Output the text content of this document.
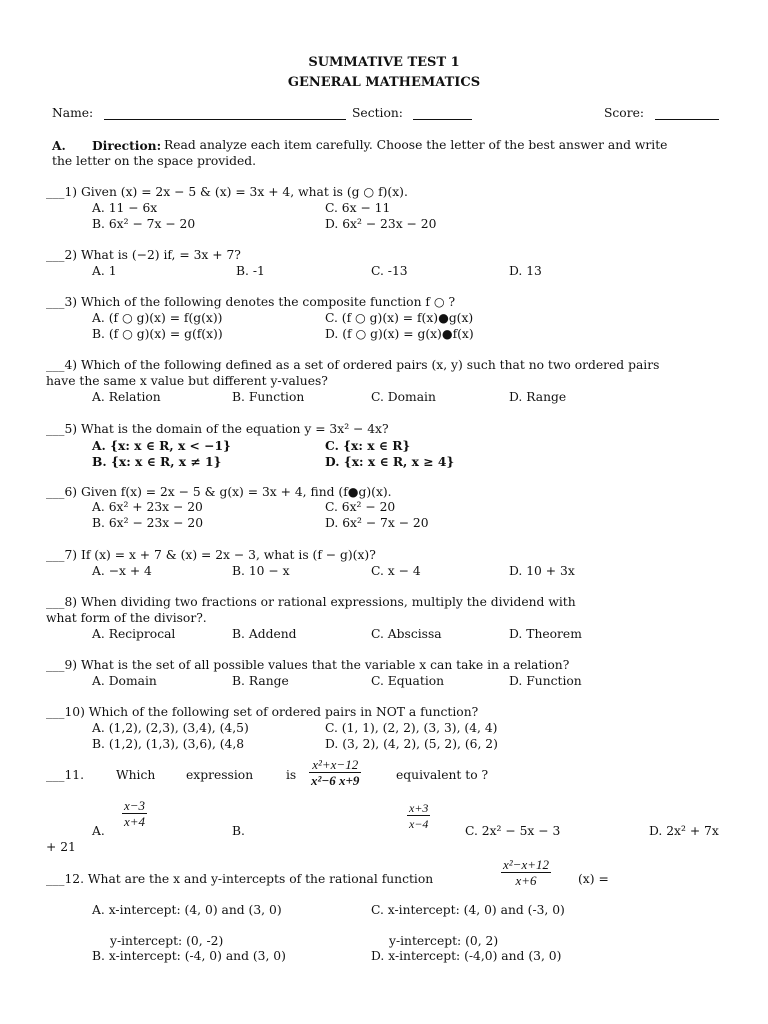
SUMMATIVE TEST 1
GENERAL MATHEMATICS
Name:	Section:	Score:
A. Direction: Read analyze each item carefully. Choose the letter of the best answer and write
the letter on the space provided.
___1) Given (x) = 2x − 5 & (x) = 3x + 4, what is (g ○ f)(x).
A. 11 − 6x	C. 6x − 11
B. 6x² − 7x − 20	D. 6x² − 23x − 20
___2) What is (−2) if, = 3x + 7?
A. 1	B. -1	C. -13	D. 13
___3) Which of the following denotes the composite function f ○ ?
A. (f ○ g)(x) = f(g(x))	C. (f ○ g)(x) = f(x)●g(x)
B. (f ○ g)(x) = g(f(x))	D. (f ○ g)(x) = g(x)●f(x)
___4) Which of the following defined as a set of ordered pairs (x, y) such that no two ordered pairs
have the same x value but different y-values?
A. Relation	B. Function	C. Domain	D. Range
___5) What is the domain of the equation y = 3x² − 4x?
A. {x: x ∈ R, x < −1}	C. {x: x ∈ R}
B. {x: x ∈ R, x ≠ 1}	D. {x: x ∈ R, x ≥ 4}
___6) Given f(x) = 2x − 5 & g(x) = 3x + 4, find (f●g)(x).
A. 6x² + 23x − 20	C. 6x² − 20
B. 6x² − 23x − 20	D. 6x² − 7x − 20
___7) If (x) = x + 7 & (x) = 2x − 3, what is (f − g)(x)?
A. −x + 4	B. 10 − x	C. x − 4	D. 10 + 3x
___8) When dividing two fractions or rational expressions, multiply the dividend with
what form of the divisor?.
A. Reciprocal	B. Addend	C. Abscissa	D. Theorem
___9) What is the set of all possible values that the variable x can take in a relation?
A. Domain	B. Range	C. Equation	D. Function
___10) Which of the following set of ordered pairs in NOT a function?
A. (1,2), (2,3), (3,4), (4,5)	C. (1, 1), (2, 2), (3, 3), (4, 4)
B. (1,2), (1,3), (3,6), (4,8	D. (3, 2), (4, 2), (5, 2), (6, 2)
___11.	Which expression	is $\frac{\text{x²+x−12}}{\text{x²−6 x+9}}$	equivalent to ?
$\frac{x-3}{x+4}$
A.	B.	$\frac{x+3}{x-4}$	C. 2x² − 5x − 3	D. 2x² + 7x
+ 21
___12. What are the x and y-intercepts of the rational function	$\frac{\text{x²−x+12}}{x+6} (x)$ =
A. x-intercept: (4, 0) and (3, 0)	C. x-intercept: (4, 0) and (-3, 0)
y-intercept: (0, -2)	y-intercept: (0, 2)
B. x-intercept: (-4, 0) and (3, 0)	D. x-intercept: (-4,0) and (3, 0)
